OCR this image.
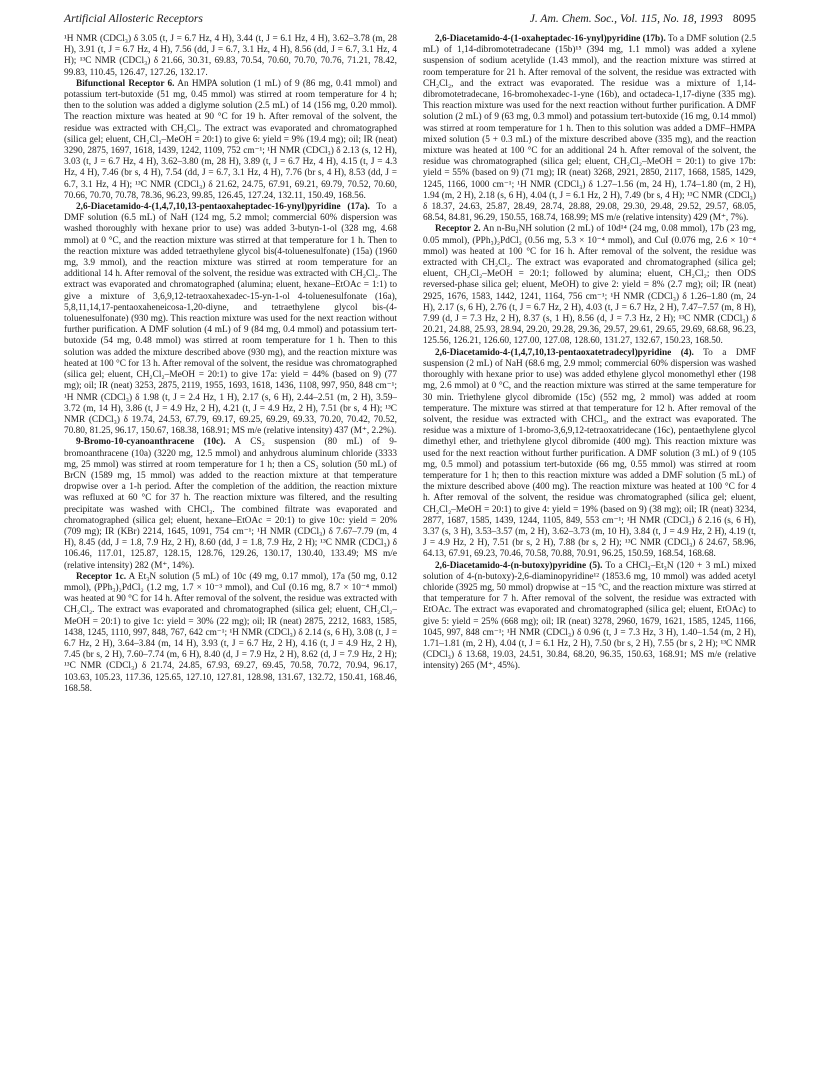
Artificial Allosteric Receptors	J. Am. Chem. Soc., Vol. 115, No. 18, 1993 8095

¹H NMR (CDCl₃) δ 3.05 (t, J = 6.7 Hz, 4 H), 3.44 (t, J = 6.1 Hz, 4 H), 3.62–3.78 (m, 28 H), 3.91 (t, J = 6.7 Hz, 4 H), 7.56 (dd, J = 6.7, 3.1 Hz, 4 H), 8.56 (dd, J = 6.7, 3.1 Hz, 4 H); ¹³C NMR (CDCl₃) δ 21.66, 30.31, 69.83, 70.54, 70.60, 70.70, 70.76, 71.21, 78.42, 99.83, 110.45, 126.47, 127.26, 132.17.

Bifunctional Receptor 6. An HMPA solution (1 mL) of 9 (86 mg, 0.41 mmol) and potassium tert-butoxide (51 mg, 0.45 mmol) was stirred at room temperature for 4 h; then to the solution was added a diglyme solution (2.5 mL) of 14 (156 mg, 0.20 mmol). The reaction mixture was heated at 90 °C for 19 h. After removal of the solvent, the residue was extracted with CH₂Cl₂. The extract was evaporated and chromatographed (silica gel; eluent, CH₂Cl₂–MeOH = 20:1) to give 6: yield = 9% (19.4 mg); oil; IR (neat) 3290, 2875, 1697, 1618, 1439, 1242, 1109, 752 cm⁻¹; ¹H NMR (CDCl₃) δ 2.13 (s, 12 H), 3.03 (t, J = 6.7 Hz, 4 H), 3.62–3.80 (m, 28 H), 3.89 (t, J = 6.7 Hz, 4 H), 4.15 (t, J = 4.3 Hz, 4 H), 7.46 (br s, 4 H), 7.54 (dd, J = 6.7, 3.1 Hz, 4 H), 7.76 (br s, 4 H), 8.53 (dd, J = 6.7, 3.1 Hz, 4 H); ¹³C NMR (CDCl₃) δ 21.62, 24.75, 67.91, 69.21, 69.79, 70.52, 70.60, 70.66, 70.70, 70.78, 78.36, 96.23, 99.85, 126.45, 127.24, 132.11, 150.49, 168.56.

2,6-Diacetamido-4-(1,4,7,10,13-pentaoxaheptadec-16-ynyl)pyridine (17a). To a DMF solution (6.5 mL) of NaH (124 mg, 5.2 mmol; commercial 60% dispersion was washed thoroughly with hexane prior to use) was added 3-butyn-1-ol (328 mg, 4.68 mmol) at 0 °C, and the reaction mixture was stirred at that temperature for 1 h. Then to the reaction mixture was added tetraethylene glycol bis(4-toluenesulfonate) (15a) (1960 mg, 3.9 mmol), and the reaction mixture was stirred at room temperature for an additional 14 h. After removal of the solvent, the residue was extracted with CH₂Cl₂. The extract was evaporated and chromatographed (alumina; eluent, hexane–EtOAc = 1:1) to give a mixture of 3,6,9,12-tetraoxahexadec-15-yn-1-ol 4-toluenesulfonate (16a), 5,8,11,14,17-pentaoxaheneicosa-1,20-diyne, and tetraethylene glycol bis-(4-toluenesulfonate) (930 mg). This reaction mixture was used for the next reaction without further purification. A DMF solution (4 mL) of 9 (84 mg, 0.4 mmol) and potassium tert-butoxide (54 mg, 0.48 mmol) was stirred at room temperature for 1 h. Then to this solution was added the mixture described above (930 mg), and the reaction mixture was heated at 100 °C for 13 h. After removal of the solvent, the residue was chromatographed (silica gel; eluent, CH₂Cl₂–MeOH = 20:1) to give 17a: yield = 44% (based on 9) (77 mg); oil; IR (neat) 3253, 2875, 2119, 1955, 1693, 1618, 1436, 1108, 997, 950, 848 cm⁻¹; ¹H NMR (CDCl₃) δ 1.98 (t, J = 2.4 Hz, 1 H), 2.17 (s, 6 H), 2.44–2.51 (m, 2 H), 3.59–3.72 (m, 14 H), 3.86 (t, J = 4.9 Hz, 2 H), 4.21 (t, J = 4.9 Hz, 2 H), 7.51 (br s, 4 H); ¹³C NMR (CDCl₃) δ 19.74, 24.53, 67.79, 69.17, 69.25, 69.29, 69.33, 70.20, 70.42, 70.52, 70.80, 81.25, 96.17, 150.67, 168.38, 168.91; MS m/e (relative intensity) 437 (M⁺, 2.2%).

9-Bromo-10-cyanoanthracene (10c). A CS₂ suspension (80 mL) of 9-bromoanthracene (10a) (3220 mg, 12.5 mmol) and anhydrous aluminum chloride (3333 mg, 25 mmol) was stirred at room temperature for 1 h; then a CS₂ solution (50 mL) of BrCN (1589 mg, 15 mmol) was added to the reaction mixture at that temperature dropwise over a 1-h period. After the completion of the addition, the reaction mixture was refluxed at 60 °C for 37 h. The reaction mixture was filtered, and the resulting precipitate was washed with CHCl₃. The combined filtrate was evaporated and chromatographed (silica gel; eluent, hexane–EtOAc = 20:1) to give 10c: yield = 20% (709 mg); IR (KBr) 2214, 1645, 1091, 754 cm⁻¹; ¹H NMR (CDCl₃) δ 7.67–7.79 (m, 4 H), 8.45 (dd, J = 1.8, 7.9 Hz, 2 H), 8.60 (dd, J = 1.8, 7.9 Hz, 2 H); ¹³C NMR (CDCl₃) δ 106.46, 117.01, 125.87, 128.15, 128.76, 129.26, 130.17, 130.40, 133.49; MS m/e (relative intensity) 282 (M⁺, 14%).

Receptor 1c. A Et₃N solution (5 mL) of 10c (49 mg, 0.17 mmol), 17a (50 mg, 0.12 mmol), (PPh₃)₂PdCl₂ (1.2 mg, 1.7 × 10⁻³ mmol), and CuI (0.16 mg, 8.7 × 10⁻⁴ mmol) was heated at 90 °C for 14 h. After removal of the solvent, the residue was extracted with CH₂Cl₂. The extract was evaporated and chromatographed (silica gel; eluent, CH₂Cl₂–MeOH = 20:1) to give 1c: yield = 30% (22 mg); oil; IR (neat) 2875, 2212, 1683, 1585, 1438, 1245, 1110, 997, 848, 767, 642 cm⁻¹; ¹H NMR (CDCl₃) δ 2.14 (s, 6 H), 3.08 (t, J = 6.7 Hz, 2 H), 3.64–3.84 (m, 14 H), 3.93 (t, J = 6.7 Hz, 2 H), 4.16 (t, J = 4.9 Hz, 2 H), 7.45 (br s, 2 H), 7.60–7.74 (m, 6 H), 8.40 (d, J = 7.9 Hz, 2 H), 8.62 (d, J = 7.9 Hz, 2 H); ¹³C NMR (CDCl₃) δ 21.74, 24.85, 67.93, 69.27, 69.45, 70.58, 70.72, 70.94, 96.17, 103.63, 105.23, 117.36, 125.65, 127.10, 127.81, 128.98, 131.67, 132.72, 150.41, 168.46, 168.58.

2,6-Diacetamido-4-(1-oxaheptadec-16-ynyl)pyridine (17b). To a DMF solution (2.5 mL) of 1,14-dibromotetradecane (15b)¹⁵ (394 mg, 1.1 mmol) was added a xylene suspension of sodium acetylide (1.43 mmol), and the reaction mixture was stirred at room temperature for 21 h. After removal of the solvent, the residue was extracted with CH₂Cl₂, and the extract was evaporated. The residue was a mixture of 1,14-dibromotetradecane, 16-bromohexadec-1-yne (16b), and octadeca-1,17-diyne (335 mg). This reaction mixture was used for the next reaction without further purification. A DMF solution (2 mL) of 9 (63 mg, 0.3 mmol) and potassium tert-butoxide (16 mg, 0.14 mmol) was stirred at room temperature for 1 h. Then to this solution was added a DMF–HMPA mixed solution (5 + 0.3 mL) of the mixture described above (335 mg), and the reaction mixture was heated at 100 °C for an additional 24 h. After removal of the solvent, the residue was chromatographed (silica gel; eluent, CH₂Cl₂–MeOH = 20:1) to give 17b: yield = 55% (based on 9) (71 mg); IR (neat) 3268, 2921, 2850, 2117, 1668, 1585, 1429, 1245, 1166, 1000 cm⁻¹; ¹H NMR (CDCl₃) δ 1.27–1.56 (m, 24 H), 1.74–1.80 (m, 2 H), 1.94 (m, 2 H), 2.18 (s, 6 H), 4.04 (t, J = 6.1 Hz, 2 H), 7.49 (br s, 4 H); ¹³C NMR (CDCl₃) δ 18.37, 24.63, 25.87, 28.49, 28.74, 28.88, 29.08, 29.30, 29.48, 29.52, 29.57, 68.05, 68.54, 84.81, 96.29, 150.55, 168.74, 168.99; MS m/e (relative intensity) 429 (M⁺, 7%).

Receptor 2. An n-Bu₂NH solution (2 mL) of 10d¹⁴ (24 mg, 0.08 mmol), 17b (23 mg, 0.05 mmol), (PPh₃)₂PdCl₂ (0.56 mg, 5.3 × 10⁻⁴ mmol), and CuI (0.076 mg, 2.6 × 10⁻⁴ mmol) was heated at 100 °C for 16 h. After removal of the solvent, the residue was extracted with CH₂Cl₂. The extract was evaporated and chromatographed (silica gel; eluent, CH₂Cl₂–MeOH = 20:1; followed by alumina; eluent, CH₂Cl₂; then ODS reversed-phase silica gel; eluent, MeOH) to give 2: yield = 8% (2.7 mg); oil; IR (neat) 2925, 1676, 1583, 1442, 1241, 1164, 756 cm⁻¹; ¹H NMR (CDCl₃) δ 1.26–1.80 (m, 24 H), 2.17 (s, 6 H), 2.76 (t, J = 6.7 Hz, 2 H), 4.03 (t, J = 6.7 Hz, 2 H), 7.47–7.57 (m, 8 H), 7.99 (d, J = 7.3 Hz, 2 H), 8.37 (s, 1 H), 8.56 (d, J = 7.3 Hz, 2 H); ¹³C NMR (CDCl₃) δ 20.21, 24.88, 25.93, 28.94, 29.20, 29.28, 29.36, 29.57, 29.61, 29.65, 29.69, 68.68, 96.23, 125.56, 126.21, 126.60, 127.00, 127.08, 128.60, 131.27, 132.67, 150.23, 168.50.

2,6-Diacetamido-4-(1,4,7,10,13-pentaoxatetradecyl)pyridine (4). To a DMF suspension (2 mL) of NaH (68.6 mg, 2.9 mmol; commercial 60% dispersion was washed thoroughly with hexane prior to use) was added ethylene glycol monomethyl ether (198 mg, 2.6 mmol) at 0 °C, and the reaction mixture was stirred at the same temperature for 30 min. Triethylene glycol dibromide (15c) (552 mg, 2 mmol) was added at room temperature. The mixture was stirred at that temperature for 12 h. After removal of the solvent, the residue was extracted with CHCl₃, and the extract was evaporated. The residue was a mixture of 1-bromo-3,6,9,12-tetraoxatridecane (16c), pentaethylene glycol dimethyl ether, and triethylene glycol dibromide (400 mg). This reaction mixture was used for the next reaction without further purification. A DMF solution (3 mL) of 9 (105 mg, 0.5 mmol) and potassium tert-butoxide (66 mg, 0.55 mmol) was stirred at room temperature for 1 h; then to this reaction mixture was added a DMF solution (5 mL) of the mixture described above (400 mg). The reaction mixture was heated at 100 °C for 4 h. After removal of the solvent, the residue was chromatographed (silica gel; eluent, CH₂Cl₂–MeOH = 20:1) to give 4: yield = 19% (based on 9) (38 mg); oil; IR (neat) 3234, 2877, 1687, 1585, 1439, 1244, 1105, 849, 553 cm⁻¹; ¹H NMR (CDCl₃) δ 2.16 (s, 6 H), 3.37 (s, 3 H), 3.53–3.57 (m, 2 H), 3.62–3.73 (m, 10 H), 3.84 (t, J = 4.9 Hz, 2 H), 4.19 (t, J = 4.9 Hz, 2 H), 7.51 (br s, 2 H), 7.88 (br s, 2 H); ¹³C NMR (CDCl₃) δ 24.67, 58.96, 64.13, 67.91, 69.23, 70.46, 70.58, 70.88, 70.91, 96.25, 150.59, 168.54, 168.68.

2,6-Diacetamido-4-(n-butoxy)pyridine (5). To a CHCl₃–Et₃N (120 + 3 mL) mixed solution of 4-(n-butoxy)-2,6-diaminopyridine¹² (1853.6 mg, 10 mmol) was added acetyl chloride (3925 mg, 50 mmol) dropwise at −15 °C, and the reaction mixture was stirred at that temperature for 7 h. After removal of the solvent, the residue was extracted with EtOAc. The extract was evaporated and chromatographed (silica gel; eluent, EtOAc) to give 5: yield = 25% (668 mg); oil; IR (neat) 3278, 2960, 1679, 1621, 1585, 1245, 1166, 1045, 997, 848 cm⁻¹; ¹H NMR (CDCl₃) δ 0.96 (t, J = 7.3 Hz, 3 H), 1.40–1.54 (m, 2 H), 1.71–1.81 (m, 2 H), 4.04 (t, J = 6.1 Hz, 2 H), 7.50 (br s, 2 H), 7.55 (br s, 2 H); ¹³C NMR (CDCl₃) δ 13.68, 19.03, 24.51, 30.84, 68.20, 96.35, 150.63, 168.91; MS m/e (relative intensity) 265 (M⁺, 45%).
